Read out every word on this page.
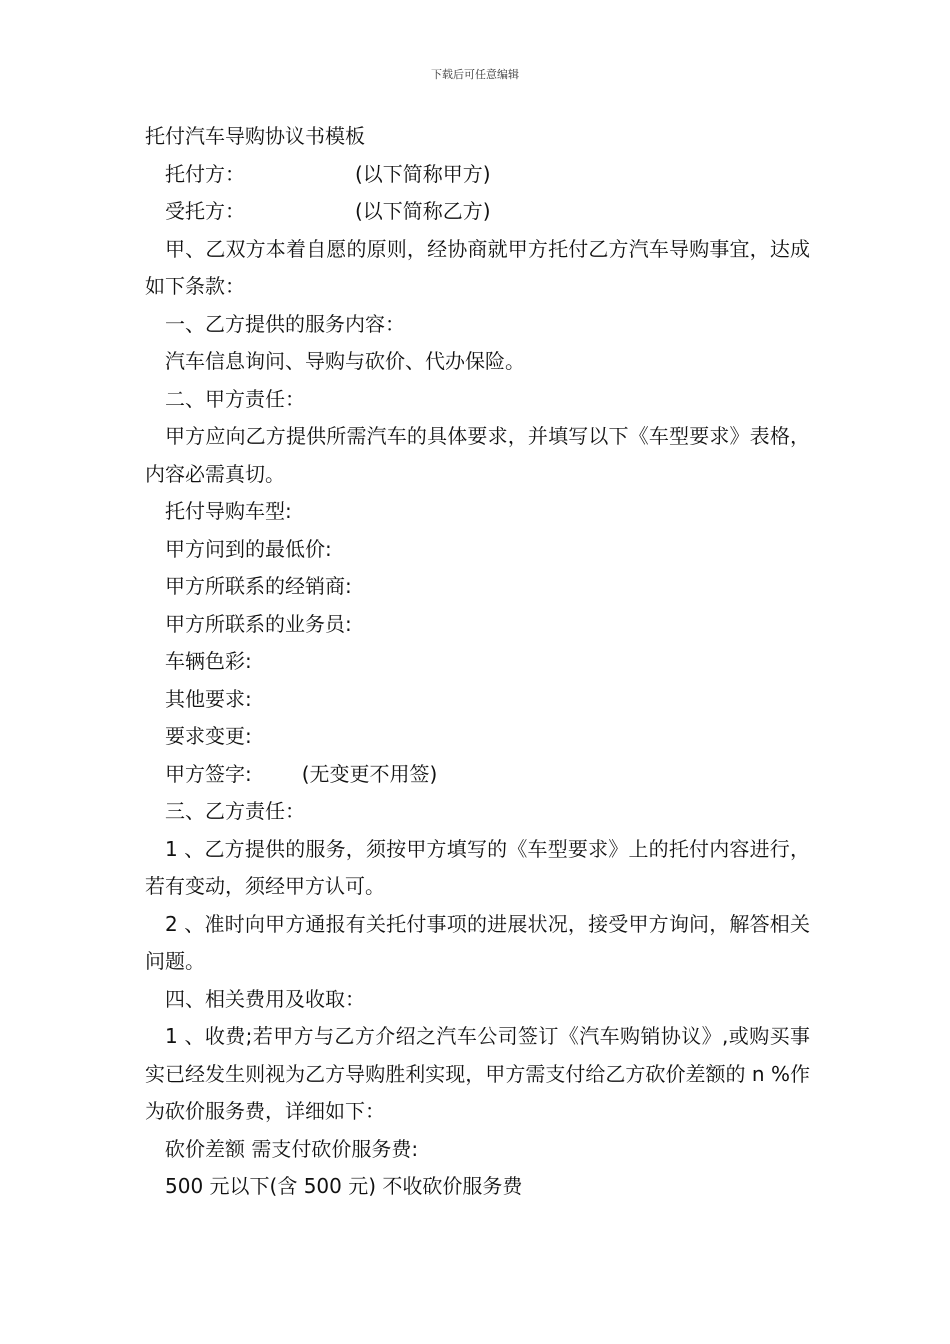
下载后可任意编辑

托付汽车导购协议书模板

托付方：	(以下简称甲方)

受托方：	(以下简称乙方)

甲、乙双方本着自愿的原则，经协商就甲方托付乙方汽车导购事宜，达成如下条款：

一、乙方提供的服务内容：

汽车信息询问、导购与砍价、代办保险。

二、甲方责任：

甲方应向乙方提供所需汽车的具体要求，并填写以下《车型要求》表格，内容必需真切。

托付导购车型:

甲方问到的最低价:

甲方所联系的经销商:

甲方所联系的业务员:

车辆色彩:

其他要求:

要求变更:

甲方签字:	(无变更不用签)

三、乙方责任：

1 、乙方提供的服务，须按甲方填写的《车型要求》上的托付内容进行，若有变动，须经甲方认可。

2 、准时向甲方通报有关托付事项的进展状况，接受甲方询问，解答相关问题。

四、相关费用及收取：

1 、收费;若甲方与乙方介绍之汽车公司签订《汽车购销协议》,或购买事实已经发生则视为乙方导购胜利实现，甲方需支付给乙方砍价差额的 n %作为砍价服务费，详细如下：

砍价差额 需支付砍价服务费:

500 元以下(含 500 元) 不收砍价服务费
